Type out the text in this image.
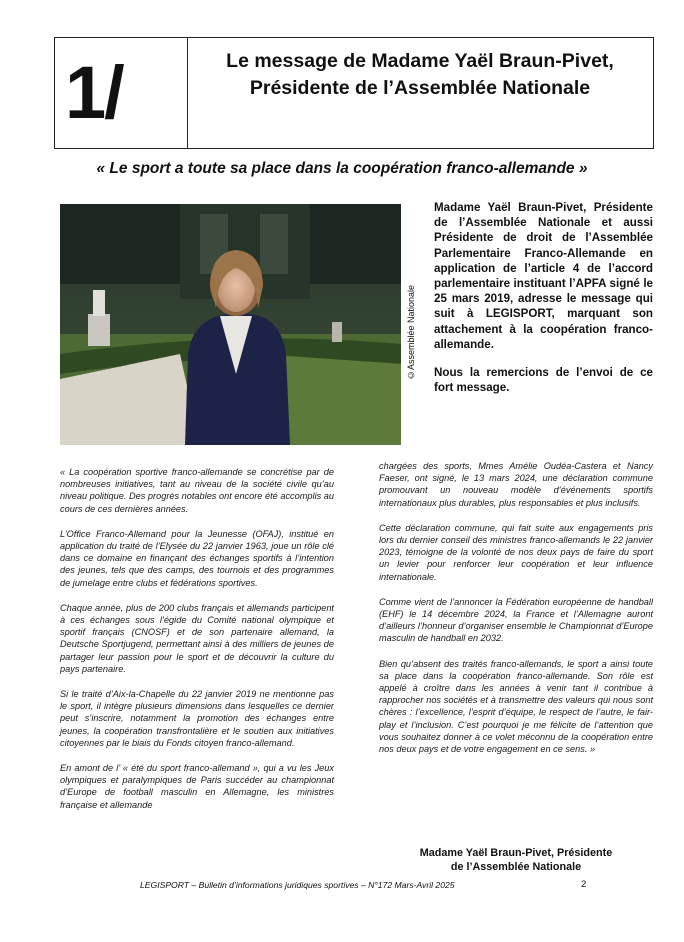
1/	Le message de Madame Yaël Braun-Pivet,
Présidente de l’Assemblée Nationale
« Le sport a toute sa place dans la coopération franco-allemande »
©Assemblée Nationale

Madame Yaël Braun-Pivet, Présidente de l’Assemblée Nationale et aussi Présidente de droit de l’Assemblée Parlementaire Franco-Allemande en application de l’article 4 de l’accord parlementaire instituant l’APFA signé le 25 mars 2019, adresse le message qui suit à LEGISPORT, marquant son attachement à la coopération franco-allemande.

Nous la remercions de l’envoi de ce fort message.

« La coopération sportive franco-allemande se concrétise par de nombreuses initiatives, tant au niveau de la société civile qu’au niveau politique. Des progrès notables ont encore été accomplis au cours de ces dernières années.

L’Office Franco-Allemand pour la Jeunesse (OFAJ), institué en application du traité de l’Elysée du 22 janvier 1963, joue un rôle clé dans ce domaine en finançant des échanges sportifs à l’intention des jeunes, tels que des camps, des tournois et des programmes de jumelage entre clubs et fédérations sportives.

Chaque année, plus de 200 clubs français et allemands participent à ces échanges sous l’égide du Comité national olympique et sportif français (CNOSF) et de son partenaire allemand, la Deutsche Sportjugend, permettant ainsi à des milliers de jeunes de partager leur passion pour le sport et de découvrir la culture du pays partenaire.

Si le traité d’Aix-la-Chapelle du 22 janvier 2019 ne mentionne pas le sport, il intègre plusieurs dimensions dans lesquelles ce dernier peut s’inscrire, notamment la promotion des échanges entre jeunes, la coopération transfrontalière et le soutien aux initiatives citoyennes par le biais du Fonds citoyen franco-allemand.

En amont de l’ « été du sport franco-allemand », qui a vu les Jeux olympiques et paralympiques de Paris succéder au championnat d’Europe de football masculin en Allemagne, les ministres française et allemande

chargées des sports, Mmes Amélie Oudéa-Castera et Nancy Faeser, ont signé, le 13 mars 2024, une déclaration commune promouvant un nouveau modèle d’événements sportifs internationaux plus durables, plus responsables et plus inclusifs.

Cette déclaration commune, qui fait suite aux engagements pris lors du dernier conseil des ministres franco-allemands le 22 janvier 2023, témoigne de la volonté de nos deux pays de faire du sport un levier pour renforcer leur coopération et leur influence internationale.

Comme vient de l’annoncer la Fédération européenne de handball (EHF) le 14 décembre 2024, la France et l’Allemagne auront d’ailleurs l’honneur d’organiser ensemble le Championnat d’Europe masculin de handball en 2032.

Bien qu’absent des traités franco-allemands, le sport a ainsi toute sa place dans la coopération franco-allemande. Son rôle est appelé à croître dans les années à venir tant il contribue à rapprocher nos sociétés et à transmettre des valeurs qui nous sont chères : l’excellence, l’esprit d’équipe, le respect de l’autre, le fair-play et l’inclusion. C’est pourquoi je me félicite de l’attention que vous souhaitez donner à ce volet méconnu de la coopération entre nos deux pays et de votre engagement en ce sens. »

Madame Yaël Braun-Pivet, Présidente
de l’Assemblée Nationale
LEGISPORT – Bulletin d’informations juridiques sportives – N°172 Mars-Avril 2025	2
